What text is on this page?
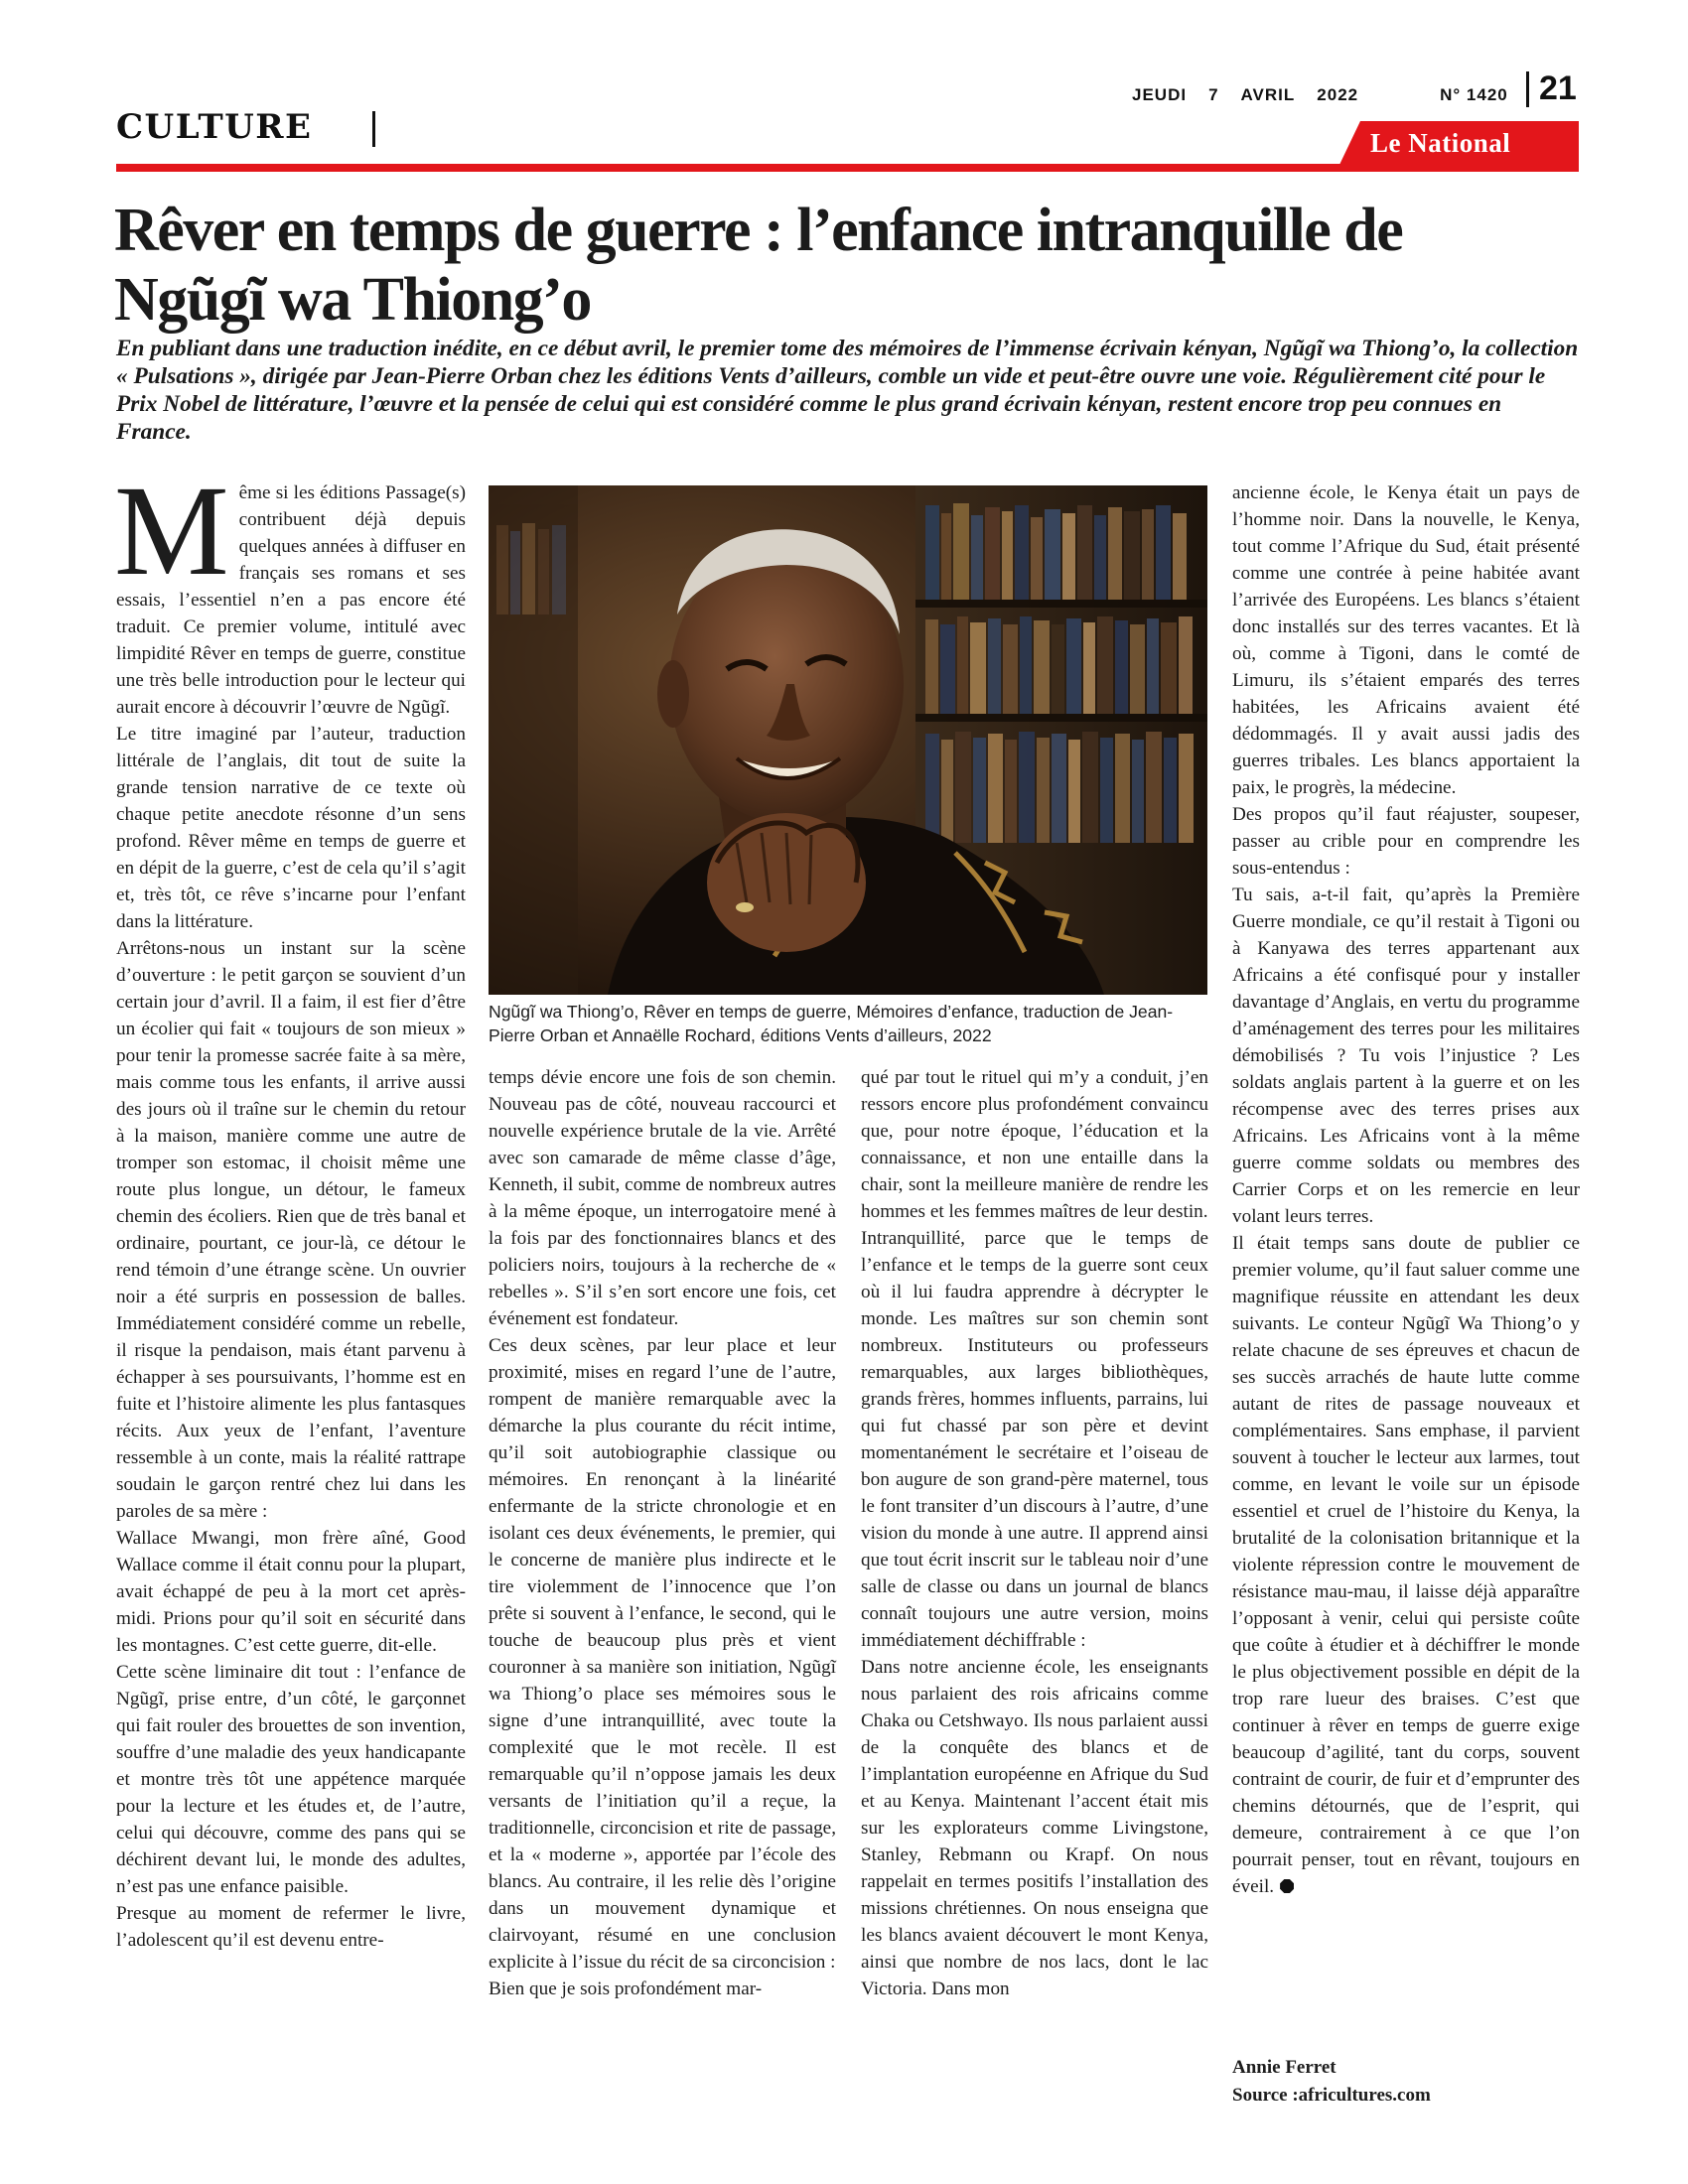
CULTURE
JEUDI 7 AVRIL 2022	N° 1420 21
Le National
Rêver en temps de guerre : l’enfance intranquille de
Ngũgĩ wa Thiong’o

En publiant dans une traduction inédite, en ce début avril, le premier tome des mémoires de l’immense écrivain kényan, Ngũgĩ wa Thiong’o, la collection « Pulsations », dirigée par Jean-Pierre Orban chez les éditions Vents d’ailleurs, comble un vide et peut-être ouvre une voie. Régulièrement cité pour le Prix Nobel de littérature, l’œuvre et la pensée de celui qui est considéré comme le plus grand écrivain kényan, restent encore trop peu connues en France.

Même si les éditions Passage(s) contribuent déjà depuis quelques années à diffuser en français ses romans et ses essais, l’essentiel n’en a pas encore été traduit. Ce premier volume, intitulé avec limpidité Rêver en temps de guerre, constitue une très belle introduction pour le lecteur qui aurait encore à découvrir l’œuvre de Ngũgĩ.

Le titre imaginé par l’auteur, traduction littérale de l’anglais, dit tout de suite la grande tension narrative de ce texte où chaque petite anecdote résonne d’un sens profond. Rêver même en temps de guerre et en dépit de la guerre, c’est de cela qu’il s’agit et, très tôt, ce rêve s’incarne pour l’enfant dans la littérature.

Arrêtons-nous un instant sur la scène d’ouverture : le petit garçon se souvient d’un certain jour d’avril. Il a faim, il est fier d’être un écolier qui fait « toujours de son mieux » pour tenir la promesse sacrée faite à sa mère, mais comme tous les enfants, il arrive aussi des jours où il traîne sur le chemin du retour à la maison, manière comme une autre de tromper son estomac, il choisit même une route plus longue, un détour, le fameux chemin des écoliers. Rien que de très banal et ordinaire, pourtant, ce jour-là, ce détour le rend témoin d’une étrange scène. Un ouvrier noir a été surpris en possession de balles. Immédiatement considéré comme un rebelle, il risque la pendaison, mais étant parvenu à échapper à ses poursuivants, l’homme est en fuite et l’histoire alimente les plus fantasques récits. Aux yeux de l’enfant, l’aventure ressemble à un conte, mais la réalité rattrape soudain le garçon rentré chez lui dans les paroles de sa mère :

Wallace Mwangi, mon frère aîné, Good Wallace comme il était connu pour la plupart, avait échappé de peu à la mort cet après-midi. Prions pour qu’il soit en sécurité dans les montagnes. C’est cette guerre, dit-elle.

Cette scène liminaire dit tout : l’enfance de Ngũgĩ, prise entre, d’un côté, le garçonnet qui fait rouler des brouettes de son invention, souffre d’une maladie des yeux handicapante et montre très tôt une appétence marquée pour la lecture et les études et, de l’autre, celui qui découvre, comme des pans qui se déchirent devant lui, le monde des adultes, n’est pas une enfance paisible.

Presque au moment de refermer le livre, l’adolescent qu’il est devenu entre-

Ngũgĩ wa Thiong’o, Rêver en temps de guerre, Mémoires d’enfance, traduction de Jean-Pierre Orban et Annaëlle Rochard, éditions Vents d’ailleurs, 2022

temps dévie encore une fois de son chemin. Nouveau pas de côté, nouveau raccourci et nouvelle expérience brutale de la vie. Arrêté avec son camarade de même classe d’âge, Kenneth, il subit, comme de nombreux autres à la même époque, un interrogatoire mené à la fois par des fonctionnaires blancs et des policiers noirs, toujours à la recherche de « rebelles ». S’il s’en sort encore une fois, cet événement est fondateur.

Ces deux scènes, par leur place et leur proximité, mises en regard l’une de l’autre, rompent de manière remarquable avec la démarche la plus courante du récit intime, qu’il soit autobiographie classique ou mémoires. En renonçant à la linéarité enfermante de la stricte chronologie et en isolant ces deux événements, le premier, qui le concerne de manière plus indirecte et le tire violemment de l’innocence que l’on prête si souvent à l’enfance, le second, qui le touche de beaucoup plus près et vient couronner à sa manière son initiation, Ngũgĩ wa Thiong’o place ses mémoires sous le signe d’une intranquillité, avec toute la complexité que le mot recèle. Il est remarquable qu’il n’oppose jamais les deux versants de l’initiation qu’il a reçue, la traditionnelle, circoncision et rite de passage, et la « moderne », apportée par l’école des blancs. Au contraire, il les relie dès l’origine dans un mouvement dynamique et clairvoyant, résumé en une conclusion explicite à l’issue du récit de sa circoncision :

Bien que je sois profondément mar-

qué par tout le rituel qui m’y a conduit, j’en ressors encore plus profondément convaincu que, pour notre époque, l’éducation et la connaissance, et non une entaille dans la chair, sont la meilleure manière de rendre les hommes et les femmes maîtres de leur destin.

Intranquillité, parce que le temps de l’enfance et le temps de la guerre sont ceux où il lui faudra apprendre à décrypter le monde. Les maîtres sur son chemin sont nombreux. Instituteurs ou professeurs remarquables, aux larges bibliothèques, grands frères, hommes influents, parrains, lui qui fut chassé par son père et devint momentanément le secrétaire et l’oiseau de bon augure de son grand-père maternel, tous le font transiter d’un discours à l’autre, d’une vision du monde à une autre. Il apprend ainsi que tout écrit inscrit sur le tableau noir d’une salle de classe ou dans un journal de blancs connaît toujours une autre version, moins immédiatement déchiffrable :

Dans notre ancienne école, les enseignants nous parlaient des rois africains comme Chaka ou Cetshwayo. Ils nous parlaient aussi de la conquête des blancs et de l’implantation européenne en Afrique du Sud et au Kenya. Maintenant l’accent était mis sur les explorateurs comme Livingstone, Stanley, Rebmann ou Krapf. On nous rappelait en termes positifs l’installation des missions chrétiennes. On nous enseigna que les blancs avaient découvert le mont Kenya, ainsi que nombre de nos lacs, dont le lac Victoria. Dans mon

ancienne école, le Kenya était un pays de l’homme noir. Dans la nouvelle, le Kenya, tout comme l’Afrique du Sud, était présenté comme une contrée à peine habitée avant l’arrivée des Européens. Les blancs s’étaient donc installés sur des terres vacantes. Et là où, comme à Tigoni, dans le comté de Limuru, ils s’étaient emparés des terres habitées, les Africains avaient été dédommagés. Il y avait aussi jadis des guerres tribales. Les blancs apportaient la paix, le progrès, la médecine.

Des propos qu’il faut réajuster, soupeser, passer au crible pour en comprendre les sous-entendus :

Tu sais, a-t-il fait, qu’après la Première Guerre mondiale, ce qu’il restait à Tigoni ou à Kanyawa des terres appartenant aux Africains a été confisqué pour y installer davantage d’Anglais, en vertu du programme d’aménagement des terres pour les militaires démobilisés ? Tu vois l’injustice ? Les soldats anglais partent à la guerre et on les récompense avec des terres prises aux Africains. Les Africains vont à la même guerre comme soldats ou membres des Carrier Corps et on les remercie en leur volant leurs terres.

Il était temps sans doute de publier ce premier volume, qu’il faut saluer comme une magnifique réussite en attendant les deux suivants. Le conteur Ngũgĩ Wa Thiong’o y relate chacune de ses épreuves et chacun de ses succès arrachés de haute lutte comme autant de rites de passage nouveaux et complémentaires. Sans emphase, il parvient souvent à toucher le lecteur aux larmes, tout comme, en levant le voile sur un épisode essentiel et cruel de l’histoire du Kenya, la brutalité de la colonisation britannique et la violente répression contre le mouvement de résistance mau-mau, il laisse déjà apparaître l’opposant à venir, celui qui persiste coûte que coûte à étudier et à déchiffrer le monde le plus objectivement possible en dépit de la trop rare lueur des braises. C’est que continuer à rêver en temps de guerre exige beaucoup d’agilité, tant du corps, souvent contraint de courir, de fuir et d’emprunter des chemins détournés, que de l’esprit, qui demeure, contrairement à ce que l’on pourrait penser, tout en rêvant, toujours en éveil.

Annie Ferret
Source :africultures.com
